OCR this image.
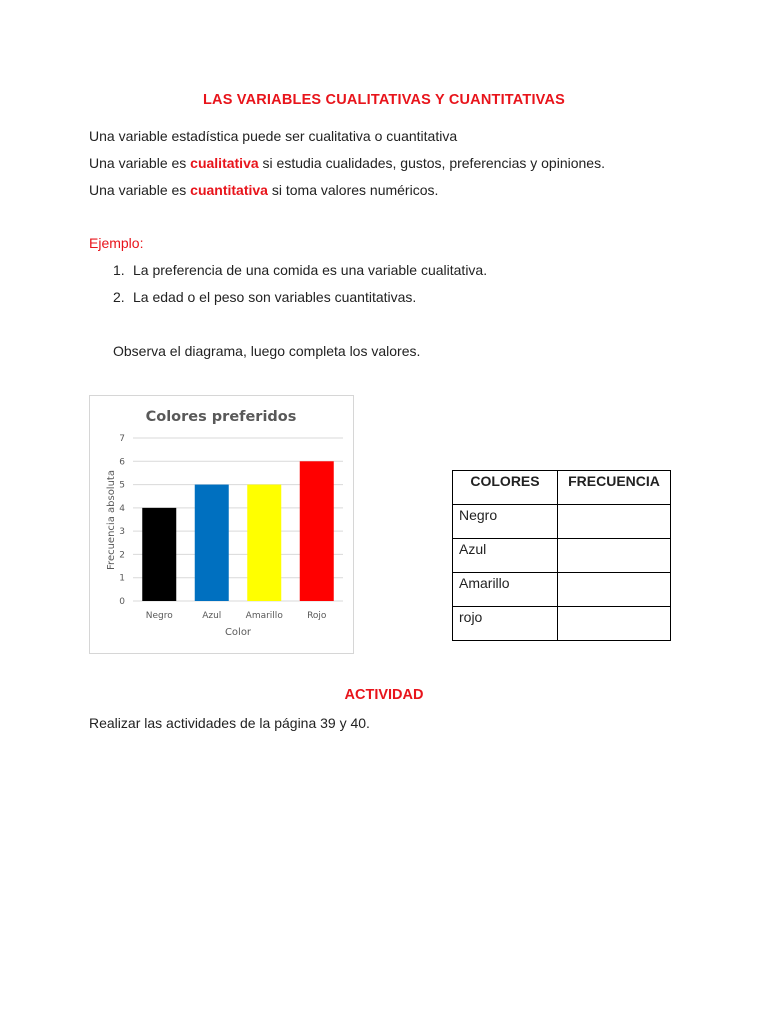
LAS VARIABLES CUALITATIVAS Y CUANTITATIVAS
Una variable estadística puede ser cualitativa o cuantitativa
Una variable es cualitativa si estudia cualidades, gustos, preferencias y opiniones.
Una variable es cuantitativa si toma valores numéricos.
Ejemplo:
1. La preferencia de una comida es una variable cualitativa.
2. La edad o el peso son variables cuantitativas.
Observa el diagrama, luego completa los valores.
Colores preferidos
0
1
2
3
4
5
6
7
Negro	Azul	Amarillo	Rojo
Color
Frecuencia absoluta	COLORES	FRECUENCIA
Negro	
Azul	
Amarillo	
rojo	
ACTIVIDAD
Realizar las actividades de la página 39 y 40.
